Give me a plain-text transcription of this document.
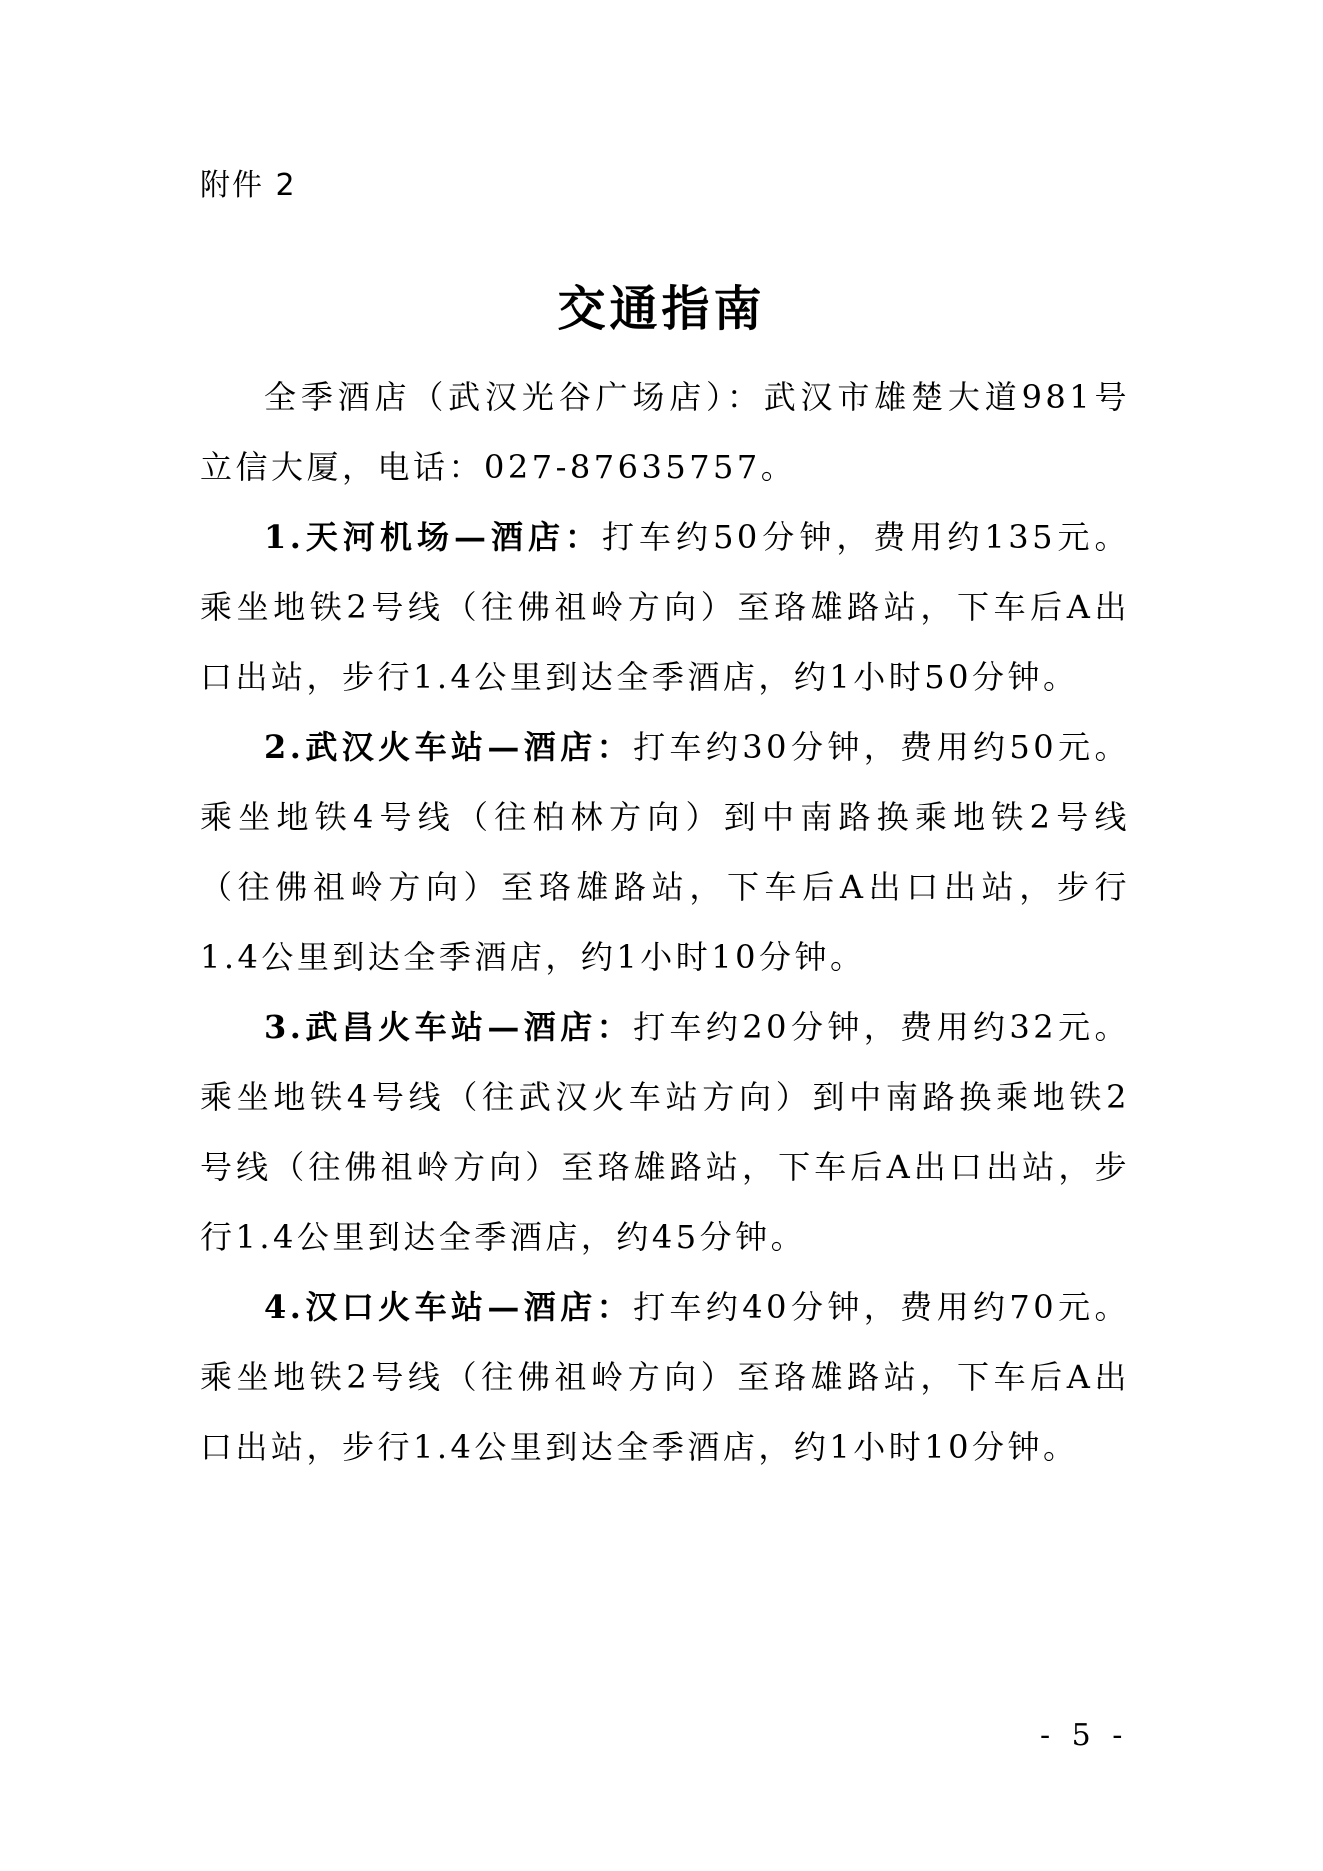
附件 2
交通指南

全季酒店（武汉光谷广场店）：武汉市雄楚大道981号立信大厦，电话：027-87635757。

1.天河机场—酒店：打车约50分钟，费用约135元。乘坐地铁2号线（往佛祖岭方向）至珞雄路站，下车后A出口出站，步行1.4公里到达全季酒店，约1小时50分钟。

2.武汉火车站—酒店：打车约30分钟，费用约50元。乘坐地铁4号线（往柏林方向）到中南路换乘地铁2号线（往佛祖岭方向）至珞雄路站，下车后A出口出站，步行1.4公里到达全季酒店，约1小时10分钟。

3.武昌火车站—酒店：打车约20分钟，费用约32元。乘坐地铁4号线（往武汉火车站方向）到中南路换乘地铁2号线（往佛祖岭方向）至珞雄路站，下车后A出口出站，步行1.4公里到达全季酒店，约45分钟。

4.汉口火车站—酒店：打车约40分钟，费用约70元。乘坐地铁2号线（往佛祖岭方向）至珞雄路站，下车后A出口出站，步行1.4公里到达全季酒店，约1小时10分钟。

- 5 -
